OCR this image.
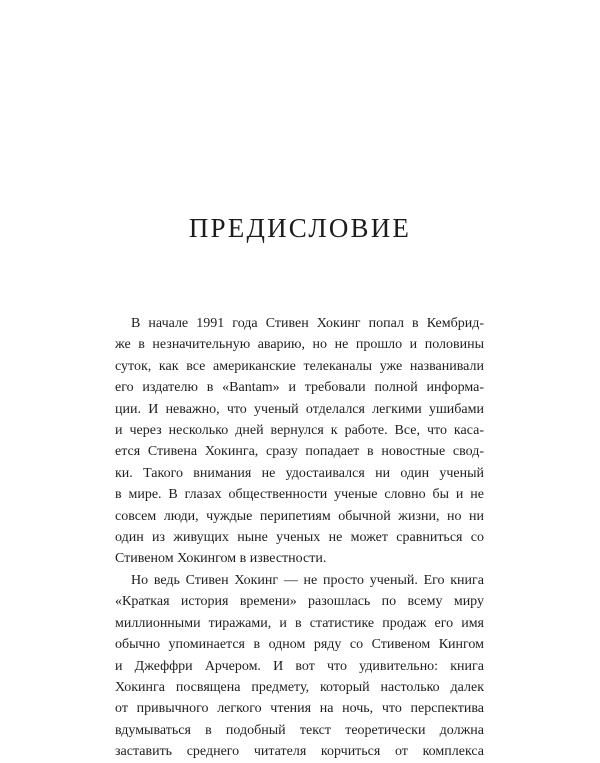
ПРЕДИСЛОВИЕ

В начале 1991 года Стивен Хокинг попал в Кембрид-
же в незначительную аварию, но не прошло и половины
суток, как все американские телеканалы уже названивали
его издателю в «Bantam» и требовали полной информа-
ции. И неважно, что ученый отделался легкими ушибами
и через несколько дней вернулся к работе. Все, что каса-
ется Стивена Хокинга, сразу попадает в новостные свод-
ки. Такого внимания не удостаивался ни один ученый
в мире. В глазах общественности ученые словно бы и не
совсем люди, чуждые перипетиям обычной жизни, но ни
один из живущих ныне ученых не может сравниться со
Стивеном Хокингом в известности.

Но ведь Стивен Хокинг — не просто ученый. Его книга
«Краткая история времени» разошлась по всему миру
миллионными тиражами, и в статистике продаж его имя
обычно упоминается в одном ряду со Стивеном Кингом
и Джеффри Арчером. И вот что удивительно: книга
Хокинга посвящена предмету, который настолько далек
от привычного легкого чтения на ночь, что перспектива
вдумываться в подобный текст теоретически должна
заставить среднего читателя корчиться от комплекса
